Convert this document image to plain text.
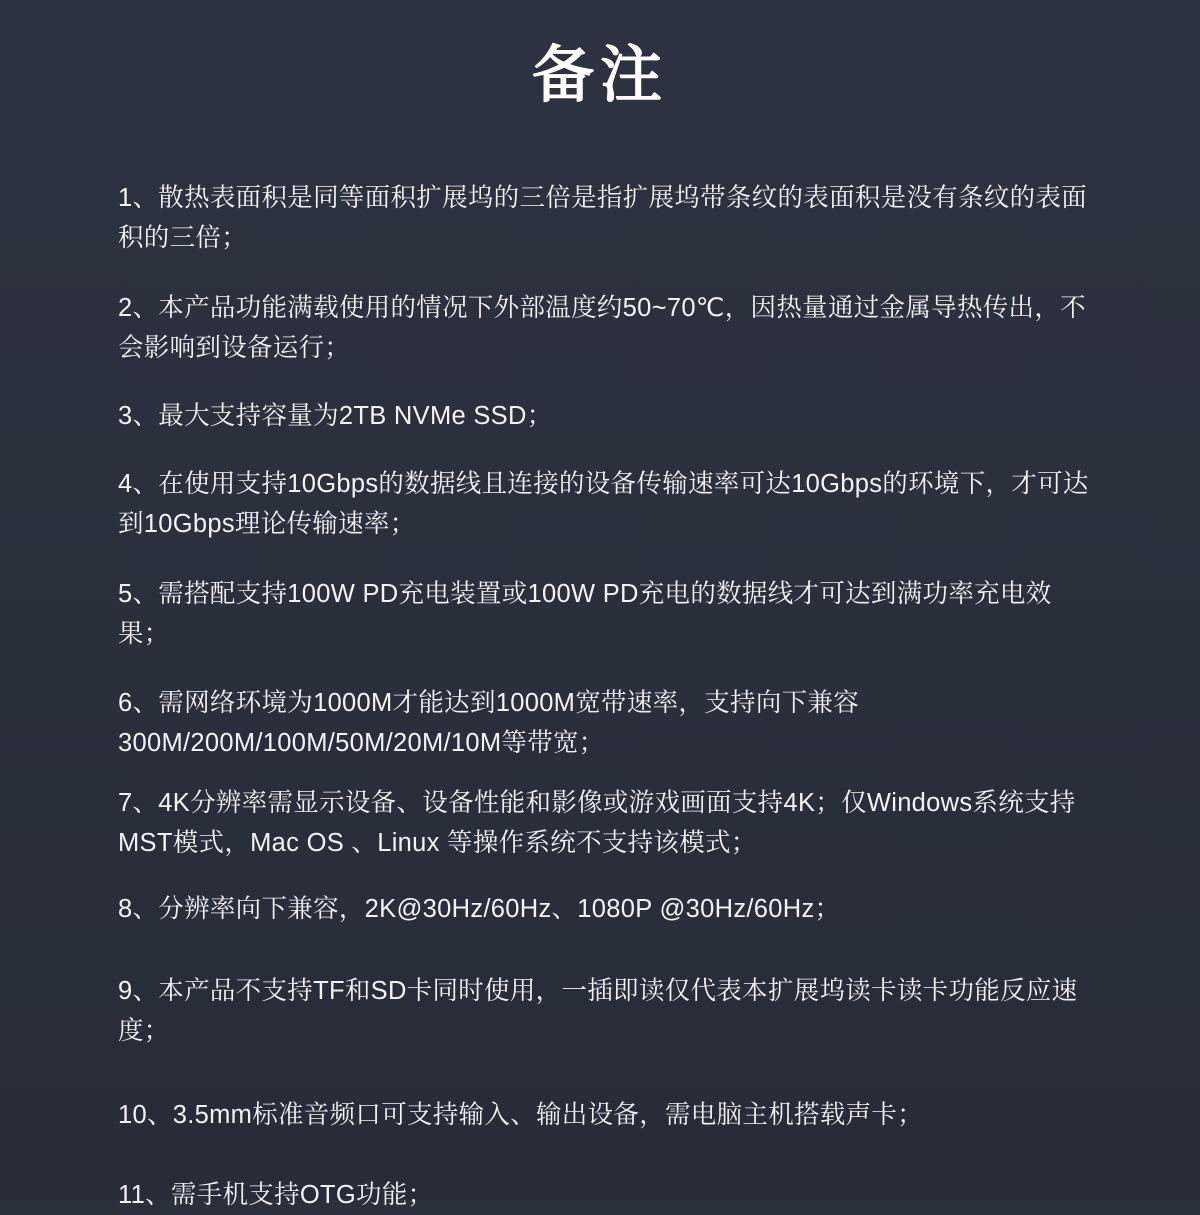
备注
1、散热表面积是同等面积扩展坞的三倍是指扩展坞带条纹的表面积是没有条纹的表面积的三倍；
2、本产品功能满载使用的情况下外部温度约50~70℃，因热量通过金属导热传出，不会影响到设备运行；
3、最大支持容量为2TB NVMe SSD；
4、在使用支持10Gbps的数据线且连接的设备传输速率可达10Gbps的环境下，才可达到10Gbps理论传输速率；
5、需搭配支持100W PD充电装置或100W PD充电的数据线才可达到满功率充电效果；
6、需网络环境为1000M才能达到1000M宽带速率，支持向下兼容300M/200M/100M/50M/20M/10M等带宽；
7、4K分辨率需显示设备、设备性能和影像或游戏画面支持4K；仅Windows系统支持MST模式，Mac OS 、Linux 等操作系统不支持该模式；
8、分辨率向下兼容，2K@30Hz/60Hz、1080P @30Hz/60Hz；
9、本产品不支持TF和SD卡同时使用，一插即读仅代表本扩展坞读卡读卡功能反应速度；
10、3.5mm标准音频口可支持输入、输出设备，需电脑主机搭载声卡；
11、需手机支持OTG功能；
